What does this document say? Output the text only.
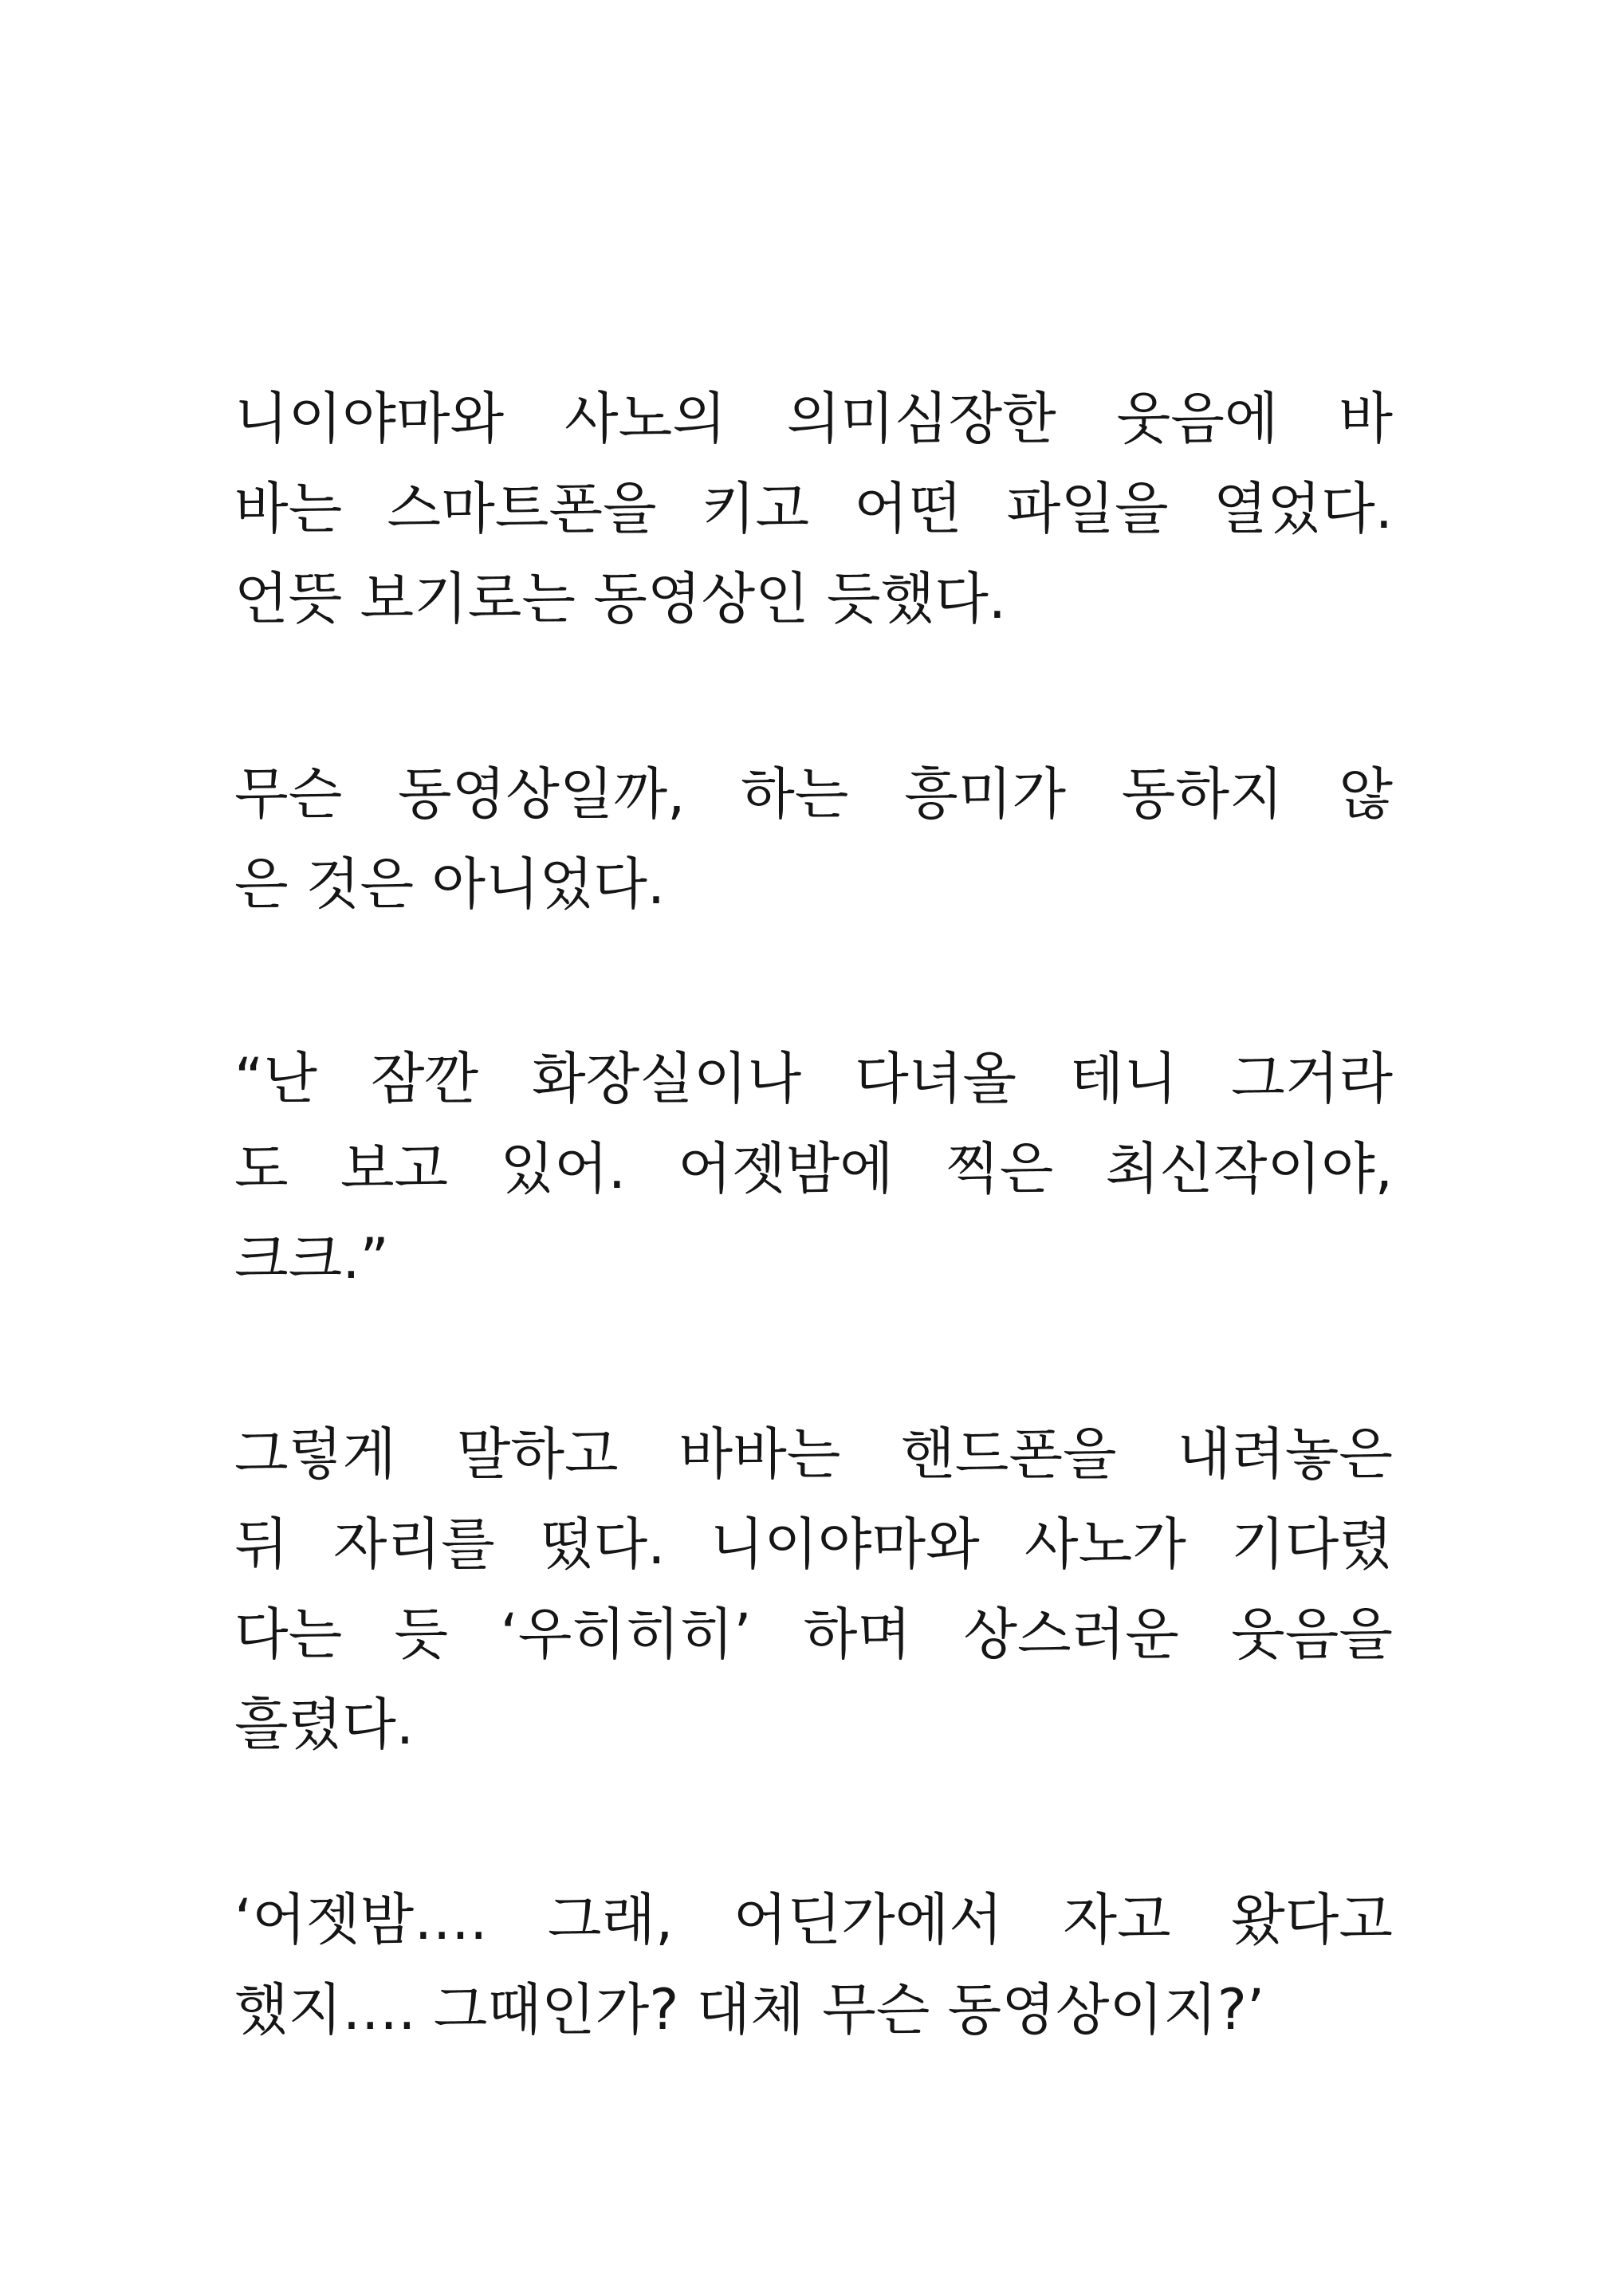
니이야마와 사노의 의미심장한 웃음에 바
바는 스마트폰을 키고 어떤 파일을 열었다.
언뜻 보기로는 동영상인 듯했다.
무슨 동영상일까, 하는 흥미가 동하지 않
은 것은 아니었다.
“난 잠깐 화장실이나 다녀올 테니 그거라
도 보고 있어. 어젯밤에 찍은 최신작이야,
크크.”
그렇게 말하고 바바는 핸드폰을 내려놓은
뒤 자리를 떴다. 니이야마와 사노가 기다렸
다는 듯 ‘우히히히’ 하며 상스러운 웃음을
흘렸다.
‘어젯밤…. 그래, 어딘가에서 자고 왔다고
했지…. 그때인가? 대체 무슨 동영상이지?’
